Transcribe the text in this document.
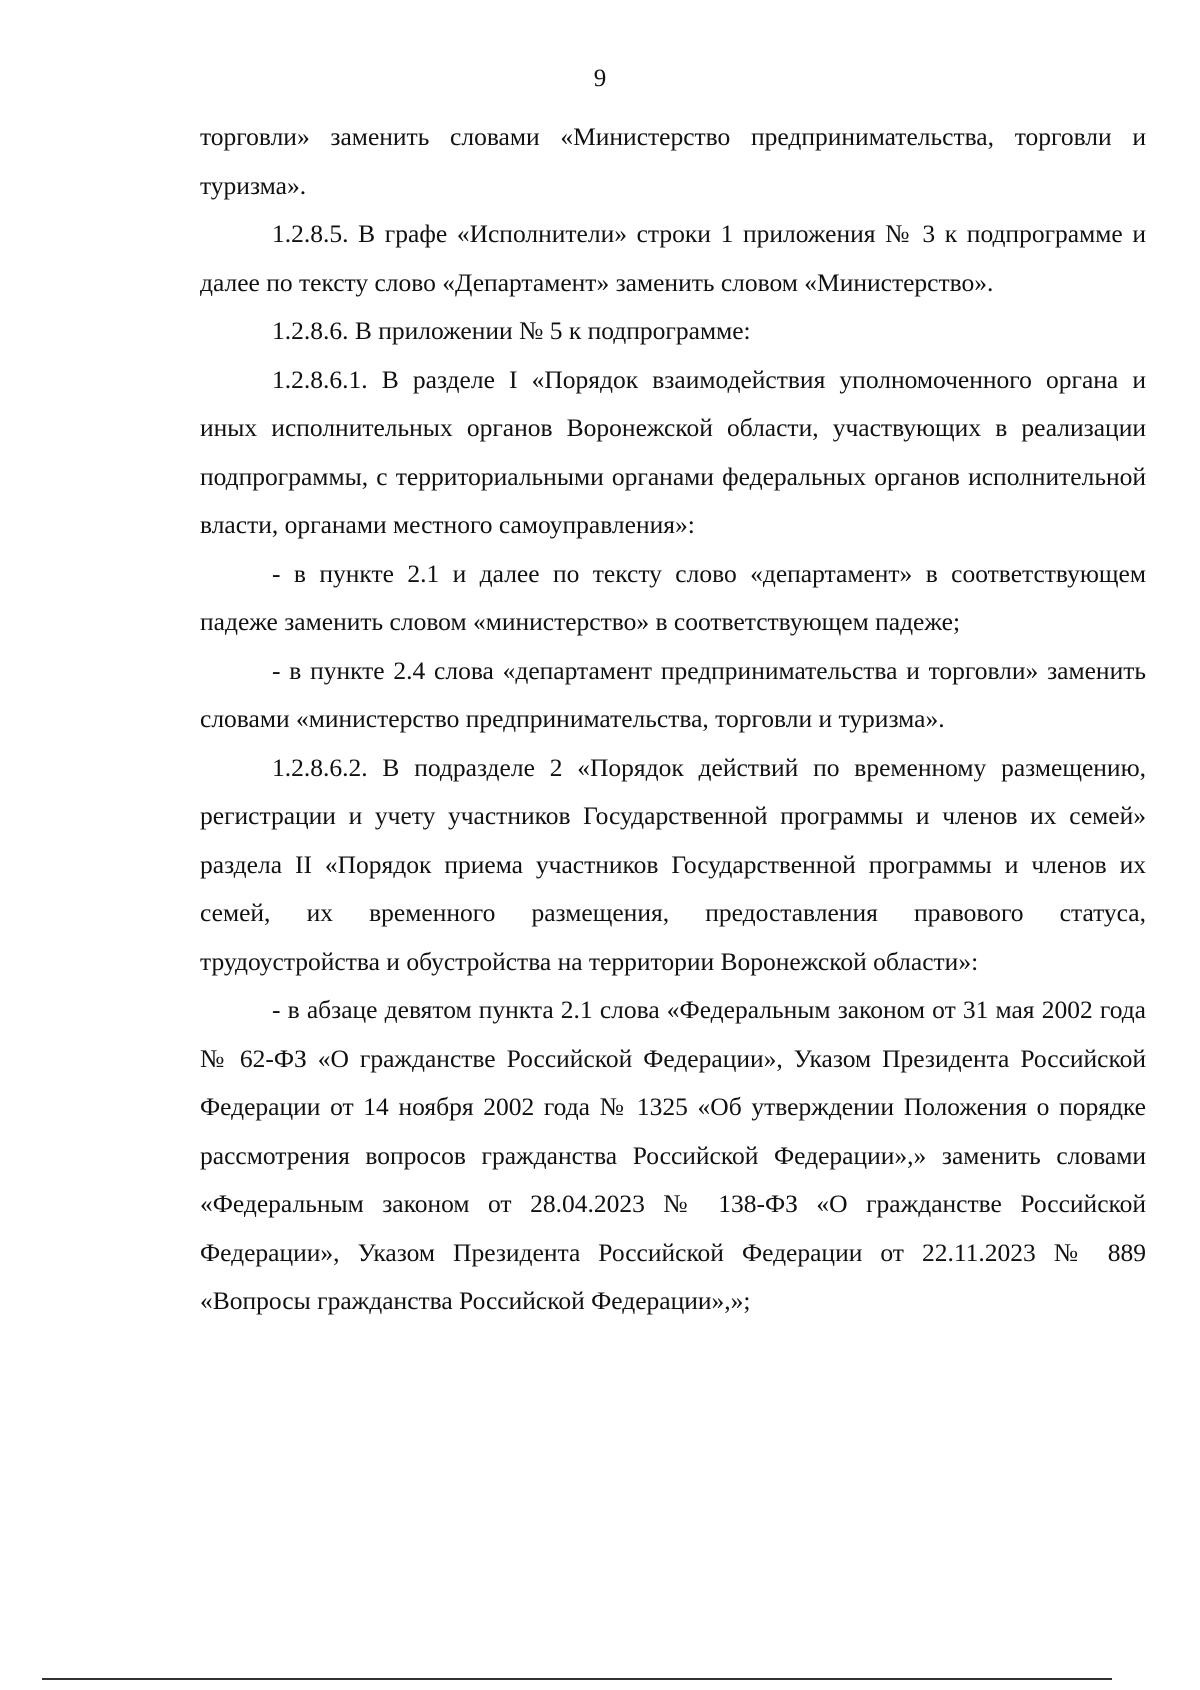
9

торговли» заменить словами «Министерство предпринимательства, торговли и туризма».

1.2.8.5. В графе «Исполнители» строки 1 приложения № 3 к подпрограмме и далее по тексту слово «Департамент» заменить словом «Министерство».

1.2.8.6. В приложении № 5 к подпрограмме:

1.2.8.6.1. В разделе I «Порядок взаимодействия уполномоченного органа и иных исполнительных органов Воронежской области, участвующих в реализации подпрограммы, с территориальными органами федеральных органов исполнительной власти, органами местного самоуправления»:

- в пункте 2.1 и далее по тексту слово «департамент» в соответствующем падеже заменить словом «министерство» в соответствующем падеже;

- в пункте 2.4 слова «департамент предпринимательства и торговли» заменить словами «министерство предпринимательства, торговли и туризма».

1.2.8.6.2. В подразделе 2 «Порядок действий по временному размещению, регистрации и учету участников Государственной программы и членов их семей» раздела II «Порядок приема участников Государственной программы и членов их семей, их временного размещения, предоставления правового статуса, трудоустройства и обустройства на территории Воронежской области»:

- в абзаце девятом пункта 2.1 слова «Федеральным законом от 31 мая 2002 года № 62-ФЗ «О гражданстве Российской Федерации», Указом Президента Российской Федерации от 14 ноября 2002 года № 1325 «Об утверждении Положения о порядке рассмотрения вопросов гражданства Российской Федерации»,» заменить словами «Федеральным законом от 28.04.2023 № 138-ФЗ «О гражданстве Российской Федерации», Указом Президента Российской Федерации от 22.11.2023 № 889 «Вопросы гражданства Российской Федерации»,»;
